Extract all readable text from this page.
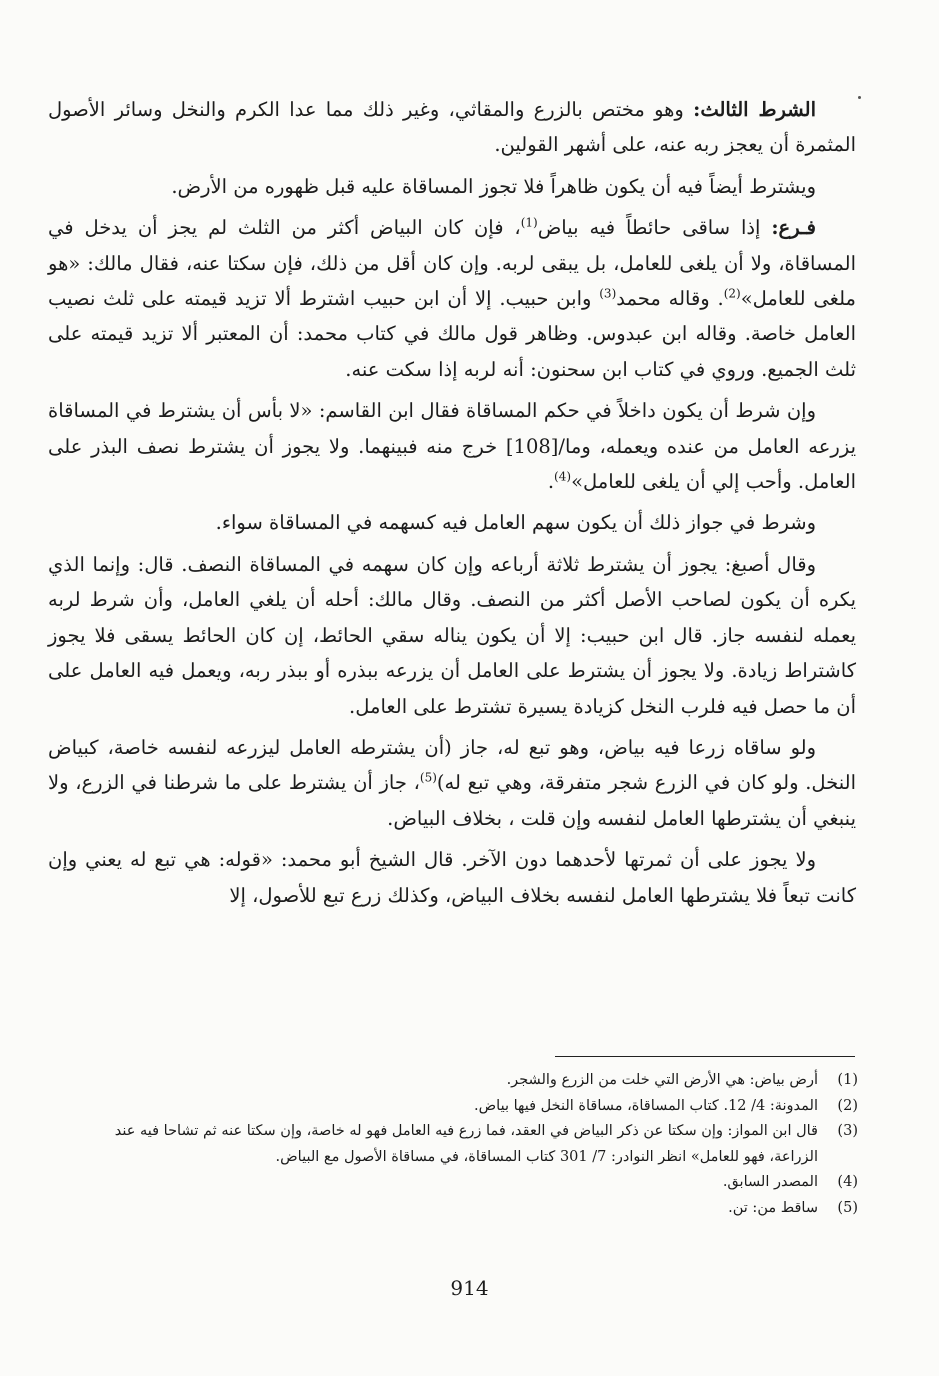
الشرط الثالث: وهو مختص بالزرع والمقاثي، وغير ذلك مما عدا الكرم والنخل وسائر الأصول المثمرة أن يعجز ربه عنه، على أشهر القولين.

ويشترط أيضاً فيه أن يكون ظاهراً فلا تجوز المساقاة عليه قبل ظهوره من الأرض.

فـرع: إذا ساقى حائطاً فيه بياض$^{(1)}$، فإن كان البياض أكثر من الثلث لم يجز أن يدخل في المساقاة، ولا أن يلغى للعامل، بل يبقى لربه. وإن كان أقل من ذلك، فإن سكتا عنه، فقال مالك: «هو ملغى للعامل»$^{(2)}$. وقاله محمد$^{(3)}$ وابن حبيب. إلا أن ابن حبيب اشترط ألا تزيد قيمته على ثلث نصيب العامل خاصة. وقاله ابن عبدوس. وظاهر قول مالك في كتاب محمد: أن المعتبر ألا تزيد قيمته على ثلث الجميع. وروي في كتاب ابن سحنون: أنه لربه إذا سكت عنه.

وإن شرط أن يكون داخلاً في حكم المساقاة فقال ابن القاسم: «لا بأس أن يشترط في المساقاة يزرعه العامل من عنده ويعمله، وما/[108] خرج منه فبينهما. ولا يجوز أن يشترط نصف البذر على العامل. وأحب إلي أن يلغى للعامل»$^{(4)}$.

وشرط في جواز ذلك أن يكون سهم العامل فيه كسهمه في المساقاة سواء.

وقال أصبغ: يجوز أن يشترط ثلاثة أرباعه وإن كان سهمه في المساقاة النصف. قال: وإنما الذي يكره أن يكون لصاحب الأصل أكثر من النصف. وقال مالك: أحله أن يلغي العامل، وأن شرط لربه يعمله لنفسه جاز. قال ابن حبيب: إلا أن يكون يناله سقي الحائط، إن كان الحائط يسقى فلا يجوز كاشتراط زيادة. ولا يجوز أن يشترط على العامل أن يزرعه ببذره أو ببذر ربه، ويعمل فيه العامل على أن ما حصل فيه فلرب النخل كزيادة يسيرة تشترط على العامل.

ولو ساقاه زرعا فيه بياض، وهو تبع له، جاز (أن يشترطه العامل ليزرعه لنفسه خاصة، كبياض النخل. ولو كان في الزرع شجر متفرقة، وهي تبع له)$^{(5)}$، جاز أن يشترط على ما شرطنا في الزرع، ولا ينبغي أن يشترطها العامل لنفسه وإن قلت ، بخلاف البياض.

ولا يجوز على أن ثمرتها لأحدهما دون الآخر. قال الشيخ أبو محمد: «قوله: هي تبع له يعني وإن كانت تبعاً فلا يشترطها العامل لنفسه بخلاف البياض، وكذلك زرع تبع للأصول، إلا

(1)
أرض بياض: هي الأرض التي خلت من الزرع والشجر.
(2)
المدونة: 4/ 12. كتاب المساقاة، مساقاة النخل فيها بياض.
(3)
قال ابن المواز: وإن سكتا عن ذكر البياض في العقد، فما زرع فيه العامل فهو له خاصة، وإن سكتا عنه ثم تشاحا فيه عند الزراعة، فهو للعامل» انظر النوادر: 7/ 301 كتاب المساقاة، في مساقاة الأصول مع البياض.
(4)
المصدر السابق.
(5)
ساقط من: تن.
914
